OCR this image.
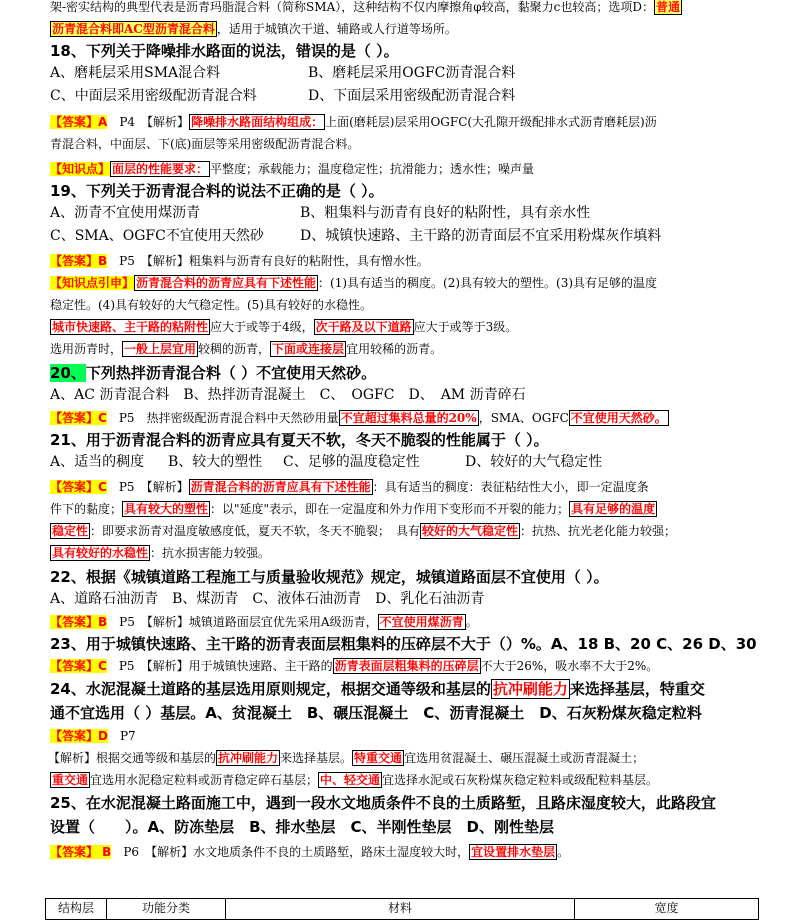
架-密实结构的典型代表是沥青玛脂混合料（简称SMA），这种结构不仅内摩擦角φ较高，黏聚力c也较高；选项D： 普通
沥青混合料即AC型沥青混合料 ，适用于城镇次干道、辅路或人行道等场所。
18、下列关于降噪排水路面的说法，错误的是（ ）。
A、磨耗层采用SMA混合料	B、磨耗层采用OGFC沥青混合料
C、中面层采用密级配沥青混合料	D、下面层采用密级配沥青混合料
【答案】A　 P4　 【解析】 降噪排水路面结构组成： 上面(磨耗层)层采用OGFC(大孔隙开级配排水式沥青磨耗层)沥
青混合料，中面层、下(底)面层等采用密级配沥青混合料。
【知识点】 面层的性能要求： 平整度；承载能力；温度稳定性；抗滑能力；透水性；噪声量
19、下列关于沥青混合料的说法不正确的是（ ）。
A、沥青不宜使用煤沥青	B、粗集料与沥青有良好的粘附性，具有亲水性
C、SMA、OGFC不宜使用天然砂	D、城镇快速路、主干路的沥青面层不宜采用粉煤灰作填料
【答案】B　 P5　 【解析】粗集料与沥青有良好的粘附性，具有憎水性。
【知识点引申】 沥青混合料的沥青应具有下述性能 ：(1)具有适当的稠度。(2)具有较大的塑性。(3)具有足够的温度
稳定性。(4)具有较好的大气稳定性。(5)具有较好的水稳性。
城市快速路、主干路的粘附性 应大于或等于4级， 次干路及以下道路 应大于或等于3级。
选用沥青时， 一般上层宜用 较稠的沥青， 下面或连接层 宜用较稀的沥青。
20、下列热拌沥青混合料（ ）不宜使用天然砂。
A、AC 沥青混合料　B、热拌沥青混凝土　C、　OGFC　D、　AM 沥青碎石
【答案】C　 P5　 热拌密级配沥青混合料中天然砂用量 不宜超过集料总量的20% ，SMA、OGFC 不宜使用天然砂。
21、用于沥青混合料的沥青应具有夏天不软，冬天不脆裂的性能属于（ ）。
A、适当的稠度 B、较大的塑性 C、足够的温度稳定性	D、较好的大气稳定性
【答案】C　 P5　 【解析】 沥青混合料的沥青应具有下述性能 ：具有适当的稠度：表征粘结性大小，即一定温度条
件下的黏度； 具有较大的塑性 ：以"延度"表示，即在一定温度和外力作用下变形而不开裂的能力； 具有足够的温度
稳定性 ：即要求沥青对温度敏感度低，夏天不软，冬天不脆裂；　具有 较好的大气稳定性 ：抗热、抗光老化能力较强；
具有较好的水稳性 ：抗水损害能力较强。
22、根据《城镇道路工程施工与质量验收规范》规定，城镇道路面层不宜使用（ ）。
A、道路石油沥青　B、煤沥青　C、液体石油沥青　D、乳化石油沥青
【答案】B　 P5　 【解析】城镇道路面层宜优先采用A级沥青， 不宜使用煤沥青 。
23、用于城镇快速路、主干路的沥青表面层粗集料的压碎层不大于（）%。A、18 B、20 C、26 D、30
【答案】C　 P5　 【解析】用于城镇快速路、主干路的 沥青表面层粗集料的压碎层 不大于26%，吸水率不大于2%。
24、水泥混凝土道路的基层选用原则规定，根据交通等级和基层的 抗冲刷能力 来选择基层，特重交
通不宜选用（ ）基层。A、贫混凝土　B、碾压混凝土　C、沥青混凝土　D、石灰粉煤灰稳定粒料
【答案】D　 P7
【解析】根据交通等级和基层的 抗冲刷能力 来选择基层。 特重交通 宜选用贫混凝土、碾压混凝土或沥青混凝土；
重交通 宜选用水泥稳定粒料或沥青稳定碎石基层； 中、轻交通 宜选择水泥或石灰粉煤灰稳定粒料或级配粒料基层。
25、在水泥混凝土路面施工中，遇到一段水文地质条件不良的土质路堑，且路床湿度较大，此路段宜
设置（　　）。A、防冻垫层　B、排水垫层　C、半刚性垫层　D、刚性垫层
【答案】 B　 P6　 【解析】水文地质条件不良的土质路堑，路床土湿度较大时， 宜设置排水垫层 。
结构层	功能分类	材料	宽度
